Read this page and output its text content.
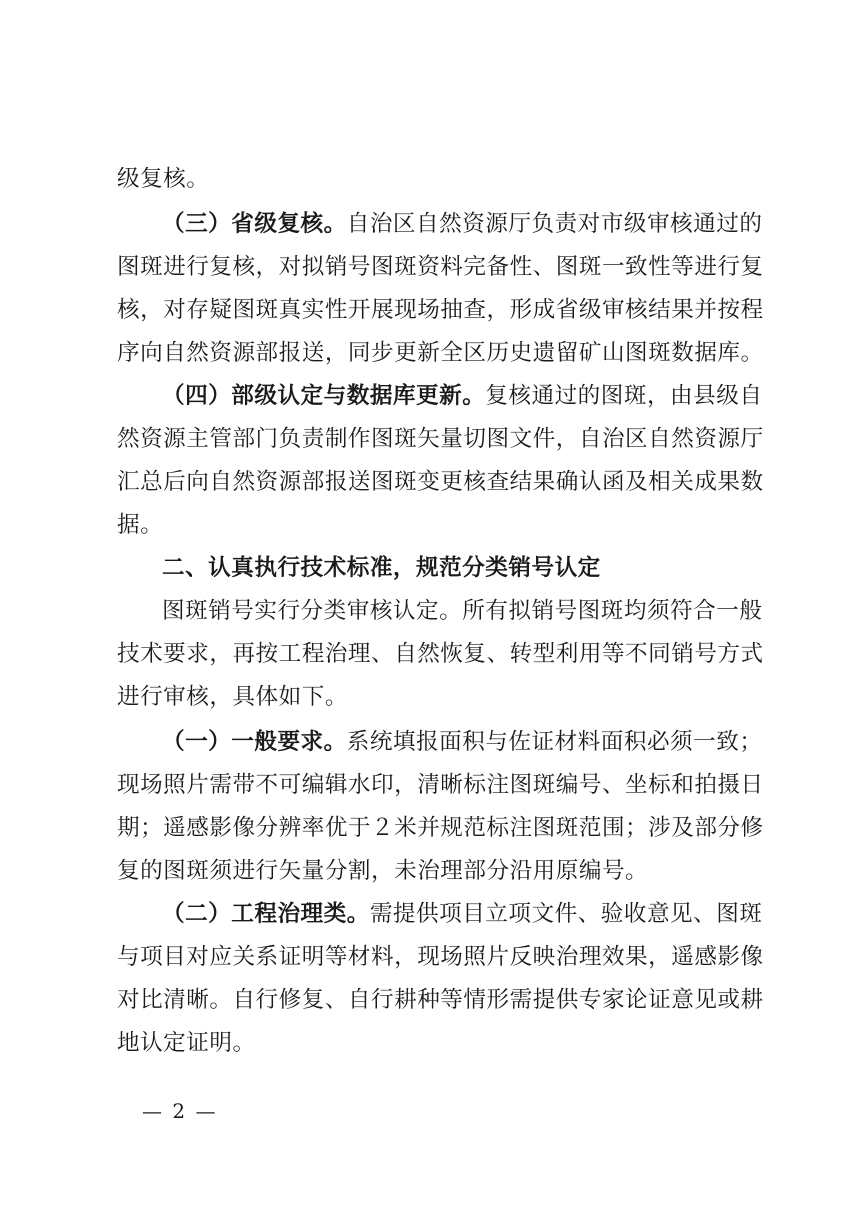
级复核。
（三）省级复核。自治区自然资源厅负责对市级审核通过的
图斑进行复核，对拟销号图斑资料完备性、图斑一致性等进行复
核，对存疑图斑真实性开展现场抽查，形成省级审核结果并按程
序向自然资源部报送，同步更新全区历史遗留矿山图斑数据库。
（四）部级认定与数据库更新。复核通过的图斑，由县级自
然资源主管部门负责制作图斑矢量切图文件，自治区自然资源厅
汇总后向自然资源部报送图斑变更核查结果确认函及相关成果数
据。
二、认真执行技术标准，规范分类销号认定
图斑销号实行分类审核认定。所有拟销号图斑均须符合一般
技术要求，再按工程治理、自然恢复、转型利用等不同销号方式
进行审核，具体如下。
（一）一般要求。系统填报面积与佐证材料面积必须一致；
现场照片需带不可编辑水印，清晰标注图斑编号、坐标和拍摄日
期；遥感影像分辨率优于２米并规范标注图斑范围；涉及部分修
复的图斑须进行矢量分割，未治理部分沿用原编号。
（二）工程治理类。需提供项目立项文件、验收意见、图斑
与项目对应关系证明等材料，现场照片反映治理效果，遥感影像
对比清晰。自行修复、自行耕种等情形需提供专家论证意见或耕
地认定证明。
— 2 —
